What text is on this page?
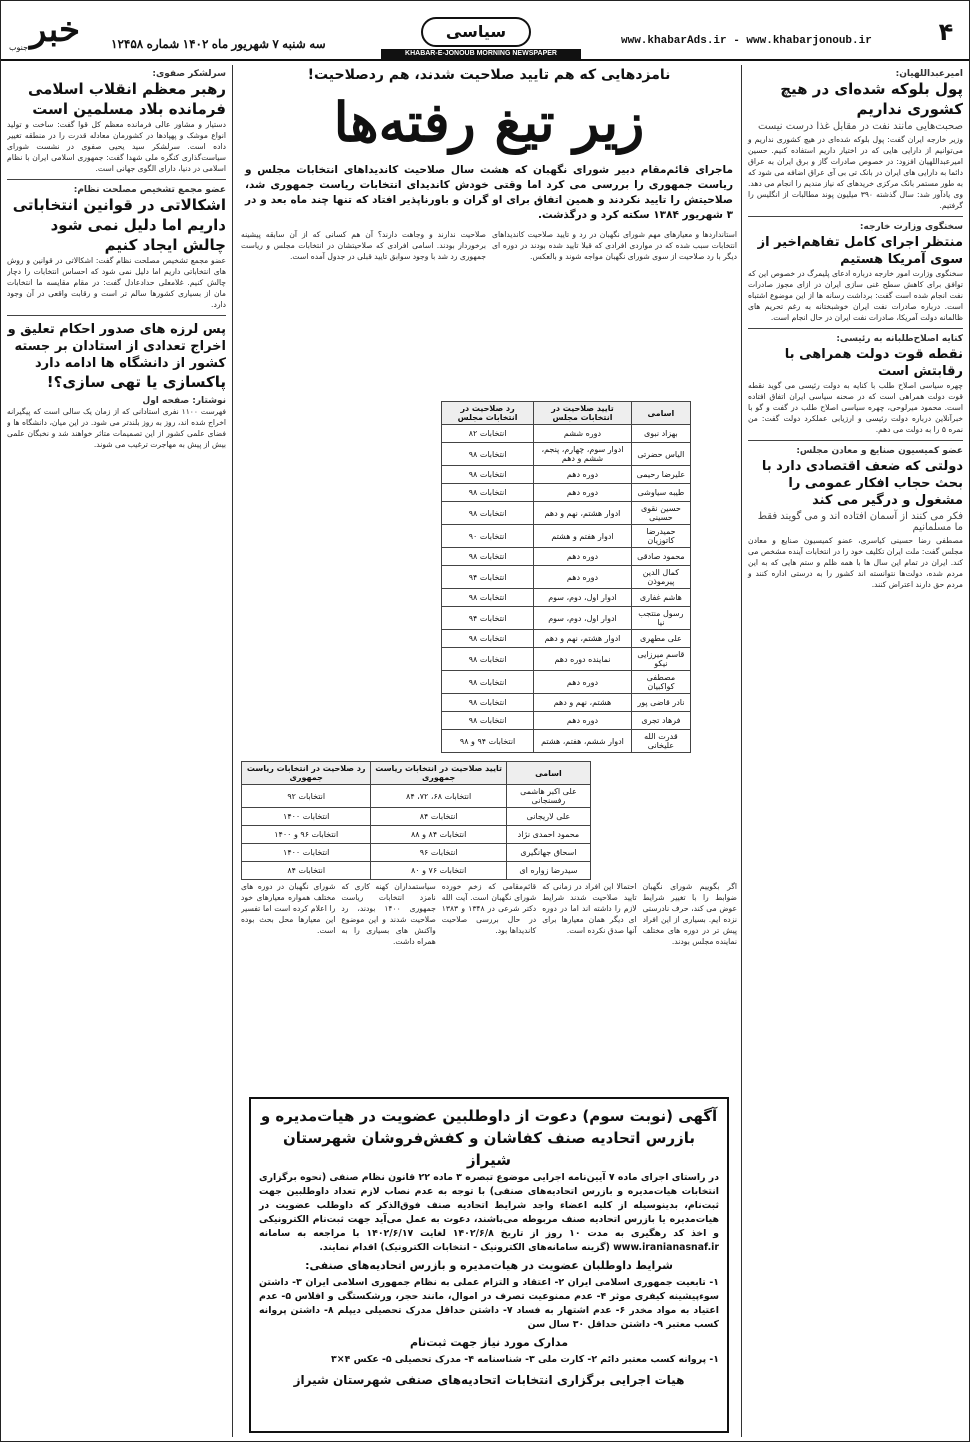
خبر
جنوب	سه شنبه ۷ شهریور ماه ۱۴۰۲ شماره ۱۲۴۵۸
سیاسی
KHABAR-E-JONOUB MORNING NEWSPAPER
www.khabarAds.ir - www.khabarjonoub.ir	۴
امیرعبداللهیان:
پول بلوکه شده‌ای در هیچ کشوری نداریم
صحبت‌هایی مانند نفت در مقابل غذا درست نیست
وزیر خارجه ایران گفت: پول بلوکه شده‌ای در هیچ کشوری نداریم و می‌توانیم از دارایی هایی که در اختیار داریم استفاده کنیم. حسین امیرعبداللهیان افزود: در خصوص صادرات گاز و برق ایران به عراق دائما به دارایی های ایران در بانک تی بی آی عراق اضافه می شود که به طور مستمر بانک مرکزی خریدهای که نیاز مندیم را انجام می دهد. وی یادآور شد: سال گذشته ۳۹۰ میلیون پوند مطالبات از انگلیس را گرفتیم.
سخنگوی وزارت خارجه:
منتظر اجرای کامل تفاهم‌اخیر از سوی آمریکا هستیم
سخنگوی وزارت امور خارجه درباره ادعای پلیمرگ در خصوص این که توافق برای کاهش سطح غنی سازی ایران در ازای مجوز صادرات نفت انجام شده است گفت: برداشت رسانه ها از این موضوع اشتباه است. درباره صادرات نفت ایران خوشبختانه به رغم تحریم های ظالمانه دولت آمریکا، صادرات نفت ایران در حال انجام است.
کنایه اصلاح‌طلبانه به رئیسی:
نقطه قوت دولت همراهی با رقابتش است
چهره سیاسی اصلاح طلب با کنایه به دولت رئیسی می گوید نقطه قوت دولت همراهی است که در صحنه سیاسی ایران اتفاق افتاده است. محمود میرلوحی، چهره سیاسی اصلاح طلب در گفت و گو با خبرآنلاین درباره دولت رئیسی و ارزیابی عملکرد دولت گفت: من نمره ۵ را به دولت می دهم.
عضو کمیسیون صنایع و معادن مجلس:
دولتی که ضعف اقتصادی دارد با بحث حجاب افکار عمومی را مشغول و درگیر می کند
فکر می کنند از آسمان افتاده اند و می گویند فقط ما مسلمانیم
مصطفی رضا حسینی کیاسری، عضو کمیسیون صنایع و معادن مجلس گفت: ملت ایران تکلیف خود را در انتخابات آینده مشخص می کند. ایران در تمام این سال ها با همه ظلم و ستم هایی که به این مردم شده، دولت‌ها نتوانسته اند کشور را به درستی اداره کنند و مردم حق دارند اعتراض کنند.
سرلشکر صفوی:
رهبر معظم انقلاب اسلامی فرمانده بلاد مسلمین است
دستیار و مشاور عالی فرمانده معظم کل قوا گفت: ساخت و تولید انواع موشک و پهپادها در کشورمان معادله قدرت را در منطقه تغییر داده است. سرلشکر سید یحیی صفوی در نشست شورای سیاست‌گذاری کنگره ملی شهدا گفت: جمهوری اسلامی ایران با نظام اسلامی در دنیا، دارای الگوی جهانی است.
عضو مجمع تشخیص مصلحت نظام:
اشکالاتی در قوانین انتخاباتی داریم اما دلیل نمی شود چالش ایجاد کنیم
عضو مجمع تشخیص مصلحت نظام گفت: اشکالاتی در قوانین و روش های انتخاباتی داریم اما دلیل نمی شود که احساس انتخابات را دچار چالش کنیم. غلامعلی حدادعادل گفت: در مقام مقایسه ما انتخابات مان از بسیاری کشورها سالم تر است و رقابت واقعی در آن وجود دارد.
پس لرزه های صدور احکام تعلیق و اخراج تعدادی از استادان بر جسته کشور از دانشگاه ها ادامه دارد
پاکسازی یا تهی سازی؟!
نوشتار: صفحه اول
فهرست ۱۱۰۰ نفری استادانی که از زمان یک سالی است که پیگیرانه اخراج شده اند، روز به روز بلندتر می شود. در این میان، دانشگاه ها و فضای علمی کشور از این تصمیمات متاثر خواهند شد و نخبگان علمی بیش از پیش به مهاجرت ترغیب می شوند.
نامزدهایی که هم تایید صلاحیت شدند، هم ردصلاحیت!
زیر تیغ رفته‌ها
ماجرای قائم‌مقام دبیر شورای نگهبان که هشت سال صلاحیت کاندیداهای انتخابات مجلس و ریاست جمهوری را بررسی می کرد اما وقتی خودش کاندیدای انتخابات ریاست جمهوری شد، صلاحیتش را تایید نکردند و همین اتفاق برای او گران و باورناپذیر افتاد که تنها چند ماه بعد و در ۳ شهریور ۱۳۸۴ سکته کرد و درگذشت.
استانداردها و معیارهای مهم شورای نگهبان در رد و تایید صلاحیت کاندیداهای انتخابات سبب شده که در مواردی افرادی که قبلا تایید شده بودند در دوره ای دیگر با رد صلاحیت از سوی شورای نگهبان مواجه شوند و بالعکس.
صلاحیت ندارند و وجاهت دارند؟ آن هم کسانی که از آن سابقه پیشینه برخوردار بودند. اسامی افرادی که صلاحیتشان در انتخابات مجلس و ریاست جمهوری رد شد با وجود سوابق تایید قبلی در جدول آمده است.
اسامی	تایید صلاحیت در انتخابات مجلس	رد صلاحیت در انتخابات مجلس
بهزاد نبوی	دوره ششم	انتخابات ۸۲
الیاس حضرتی	ادوار سوم، چهارم، پنجم، ششم و دهم	انتخابات ۹۸
علیرضا رحیمی	دوره دهم	انتخابات ۹۸
طیبه سیاوشی	دوره دهم	انتخابات ۹۸
حسین نقوی حسینی	ادوار هشتم، نهم و دهم	انتخابات ۹۸
حمیدرضا کاتوزیان	ادوار هفتم و هشتم	انتخابات ۹۰
محمود صادقی	دوره دهم	انتخابات ۹۸
کمال الدین پیرموذن	دوره دهم	انتخابات ۹۴
هاشم غفاری	ادوار اول، دوم، سوم	انتخابات ۹۸
رسول منتجب نیا	ادوار اول، دوم، سوم	انتخابات ۹۴
علی مطهری	ادوار هشتم، نهم و دهم	انتخابات ۹۸
قاسم میرزایی نیکو	نماینده دوره دهم	انتخابات ۹۸
مصطفی کواکبیان	دوره دهم	انتخابات ۹۸
نادر قاضی پور	هشتم، نهم و دهم	انتخابات ۹۸
فرهاد تجری	دوره دهم	انتخابات ۹۸
قدرت الله علیخانی	ادوار ششم، هفتم، هشتم	انتخابات ۹۴ و ۹۸
اسامی	تایید صلاحیت در انتخابات ریاست جمهوری	رد صلاحیت در انتخابات ریاست جمهوری
علی اکبر هاشمی رفسنجانی	انتخابات ۶۸، ۷۲، ۸۴	انتخابات ۹۲
علی لاریجانی	انتخابات ۸۴	انتخابات ۱۴۰۰
محمود احمدی نژاد	انتخابات ۸۴ و ۸۸	انتخابات ۹۶ و ۱۴۰۰
اسحاق جهانگیری	انتخابات ۹۶	انتخابات ۱۴۰۰
سیدرضا زواره ای	انتخابات ۷۶ و ۸۰	انتخابات ۸۴
اگر بگوییم شورای نگهبان ضوابط را با تغییر شرایط عوض می کند، حرف نادرستی نزده ایم. بسیاری از این افراد پیش تر در دوره های مختلف نماینده مجلس بودند.
احتمالا این افراد در زمانی که تایید صلاحیت شدند شرایط لازم را داشته اند اما در دوره ای دیگر همان معیارها برای آنها صدق نکرده است.
قائم‌مقامی که زخم خورده شورای نگهبان است. آیت الله دکتر شرعی در ۱۳۴۸ و ۱۳۸۳ در حال بررسی صلاحیت کاندیداها بود.
سیاستمداران کهنه کاری که نامزد انتخابات ریاست جمهوری ۱۴۰۰ بودند، رد صلاحیت شدند و این موضوع واکنش های بسیاری را به همراه داشت.
شورای نگهبان در دوره های مختلف همواره معیارهای خود را اعلام کرده است اما تفسیر این معیارها محل بحث بوده است.
آگهی (نوبت سوم) دعوت از داوطلبین عضویت در هیات‌مدیره و بازرس اتحادیه صنف کفاشان و کفش‌فروشان شهرستان شیراز
در راستای اجرای ماده ۷ آیین‌نامه اجرایی موضوع تبصره ۳ ماده ۲۲ قانون نظام صنفی (نحوه برگزاری انتخابات هیات‌مدیره و بازرس اتحادیه‌های صنفی) با توجه به عدم نصاب لازم تعداد داوطلبین جهت ثبت‌نام، بدینوسیله از کلیه اعضاء واجد شرایط اتحادیه صنف فوق‌الذکر که داوطلب عضویت در هیات‌مدیره یا بازرس اتحادیه صنف مربوطه می‌باشند، دعوت به عمل می‌آید جهت ثبت‌نام الکترونیکی و اخذ کد رهگیری به مدت ۱۰ روز از تاریخ ۱۴۰۲/۶/۸ لغایت ۱۴۰۲/۶/۱۷ با مراجعه به سامانه www.iranianasnaf.ir (گزینه سامانه‌های الکترونیک - انتخابات الکترونیک) اقدام نمایند.
شرایط داوطلبان عضویت در هیات‌مدیره و بازرس اتحادیه‌های صنفی:
۱- تابعیت جمهوری اسلامی ایران ۲- اعتقاد و التزام عملی به نظام جمهوری اسلامی ایران ۳- داشتن سوءپیشینه کیفری موثر ۴- عدم ممنوعیت تصرف در اموال، مانند حجر، ورشکستگی و افلاس ۵- عدم اعتیاد به مواد مخدر ۶- عدم اشتهار به فساد ۷- داشتن حداقل مدرک تحصیلی دیپلم ۸- داشتن پروانه کسب معتبر ۹- داشتن حداقل ۳۰ سال سن
مدارک مورد نیاز جهت ثبت‌نام
۱- پروانه کسب معتبر دائم ۲- کارت ملی ۳- شناسنامه ۴- مدرک تحصیلی ۵- عکس ۴×۳
هیات اجرایی برگزاری انتخابات اتحادیه‌های صنفی شهرستان شیراز
